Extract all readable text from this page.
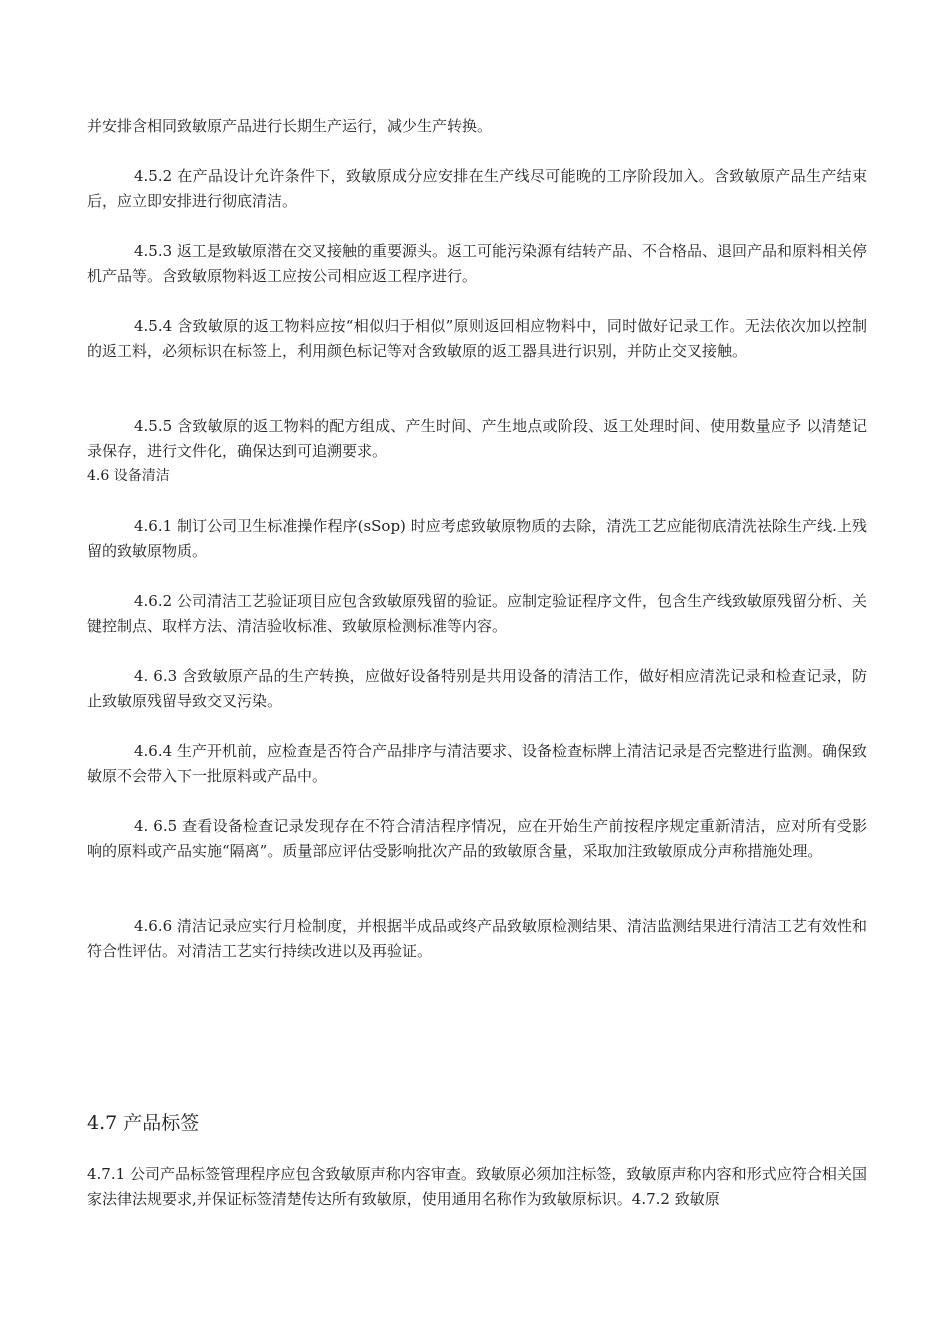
并安排含相同致敏原产品进行长期生产运行，减少生产转换。

4.5.2 在产品设计允许条件下，致敏原成分应安排在生产线尽可能晚的工序阶段加入。含致敏原产品生产结束后，应立即安排进行彻底清洁。

4.5.3 返工是致敏原潜在交叉接触的重要源头。返工可能污染源有结转产品、不合格品、退回产品和原料相关停机产品等。含致敏原物料返工应按公司相应返工程序进行。

4.5.4 含致敏原的返工物料应按“相似归于相似”原则返回相应物料中，同时做好记录工作。无法依次加以控制的返工料，必须标识在标签上，利用颜色标记等对含致敏原的返工器具进行识别，并防止交叉接触。

4.5.5 含致敏原的返工物料的配方组成、产生时间、产生地点或阶段、返工处理时间、使用数量应予 以清楚记录保存，进行文件化，确保达到可追溯要求。

4.6 设备清洁

4.6.1 制订公司卫生标准操作程序(sSop) 时应考虑致敏原物质的去除，清洗工艺应能彻底清洗祛除生产线.上残留的致敏原物质。

4.6.2 公司清洁工艺验证项目应包含致敏原残留的验证。应制定验证程序文件，包含生产线致敏原残留分析、关键控制点、取样方法、清洁验收标准、致敏原检测标准等内容。

4. 6.3 含致敏原产品的生产转换，应做好设备特别是共用设备的清洁工作，做好相应清洗记录和检查记录，防止致敏原残留导致交叉污染。

4.6.4 生产开机前，应检查是否符合产品排序与清洁要求、设备检查标牌上清洁记录是否完整进行监测。确保致敏原不会带入下一批原料或产品中。

4. 6.5 查看设备检查记录发现存在不符合清洁程序情况，应在开始生产前按程序规定重新清洁，应对所有受影响的原料或产品实施“隔离”。质量部应评估受影响批次产品的致敏原含量，采取加注致敏原成分声称措施处理。

4.6.6 清洁记录应实行月检制度，并根据半成品或终产品致敏原检测结果、清洁监测结果进行清洁工艺有效性和符合性评估。对清洁工艺实行持续改进以及再验证。

4.7 产品标签

4.7.1 公司产品标签管理程序应包含致敏原声称内容审查。致敏原必须加注标签，致敏原声称内容和形式应符合相关国家法律法规要求,并保证标签清楚传达所有致敏原，使用通用名称作为致敏原标识。4.7.2 致敏原
